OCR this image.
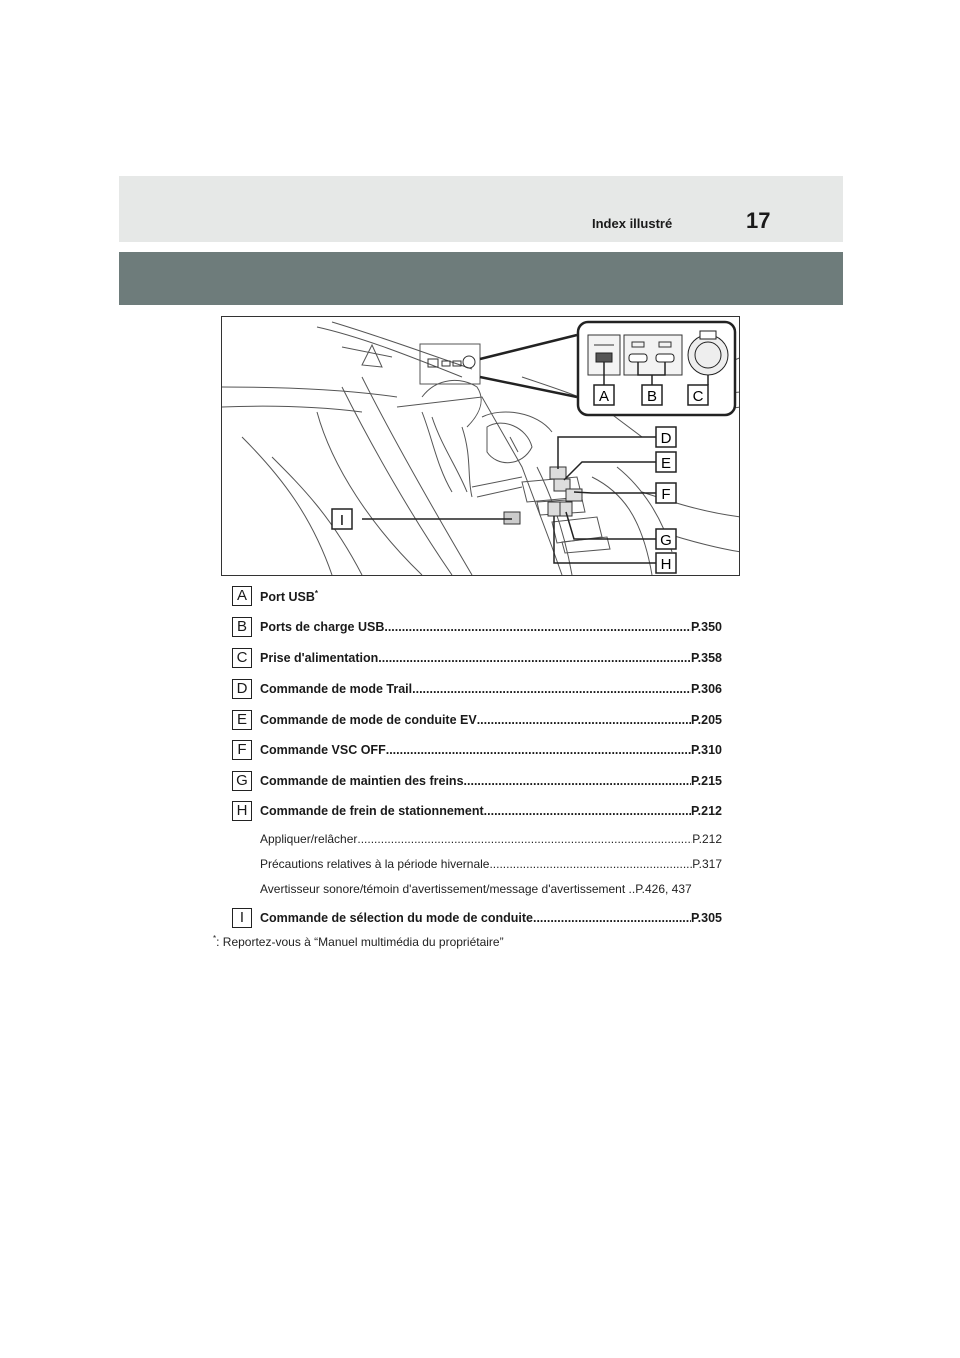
Index illustré	17
A	B C
D
E
F
G
H
I
A	Port USB*
B	Ports de charge USB .....	P.350
C	Prise d'alimentation .....	P.358
D	Commande de mode Trail .....	P.306
E	Commande de mode de conduite EV .....	P.205
F	Commande VSC OFF .....	P.310
G Commande de maintien des freins .....	P.215
H	Commande de frein de stationnement .....	P.212
Appliquer/relâcher .....	P.212
Précautions relatives à la période hivernale .....	P.317
Avertisseur sonore/témoin d'avertissement/message d'avertissement .. P.426, 437
I	Commande de sélection du mode de conduite .....	P.305
*: Reportez-vous à “Manuel multimédia du propriétaire”
